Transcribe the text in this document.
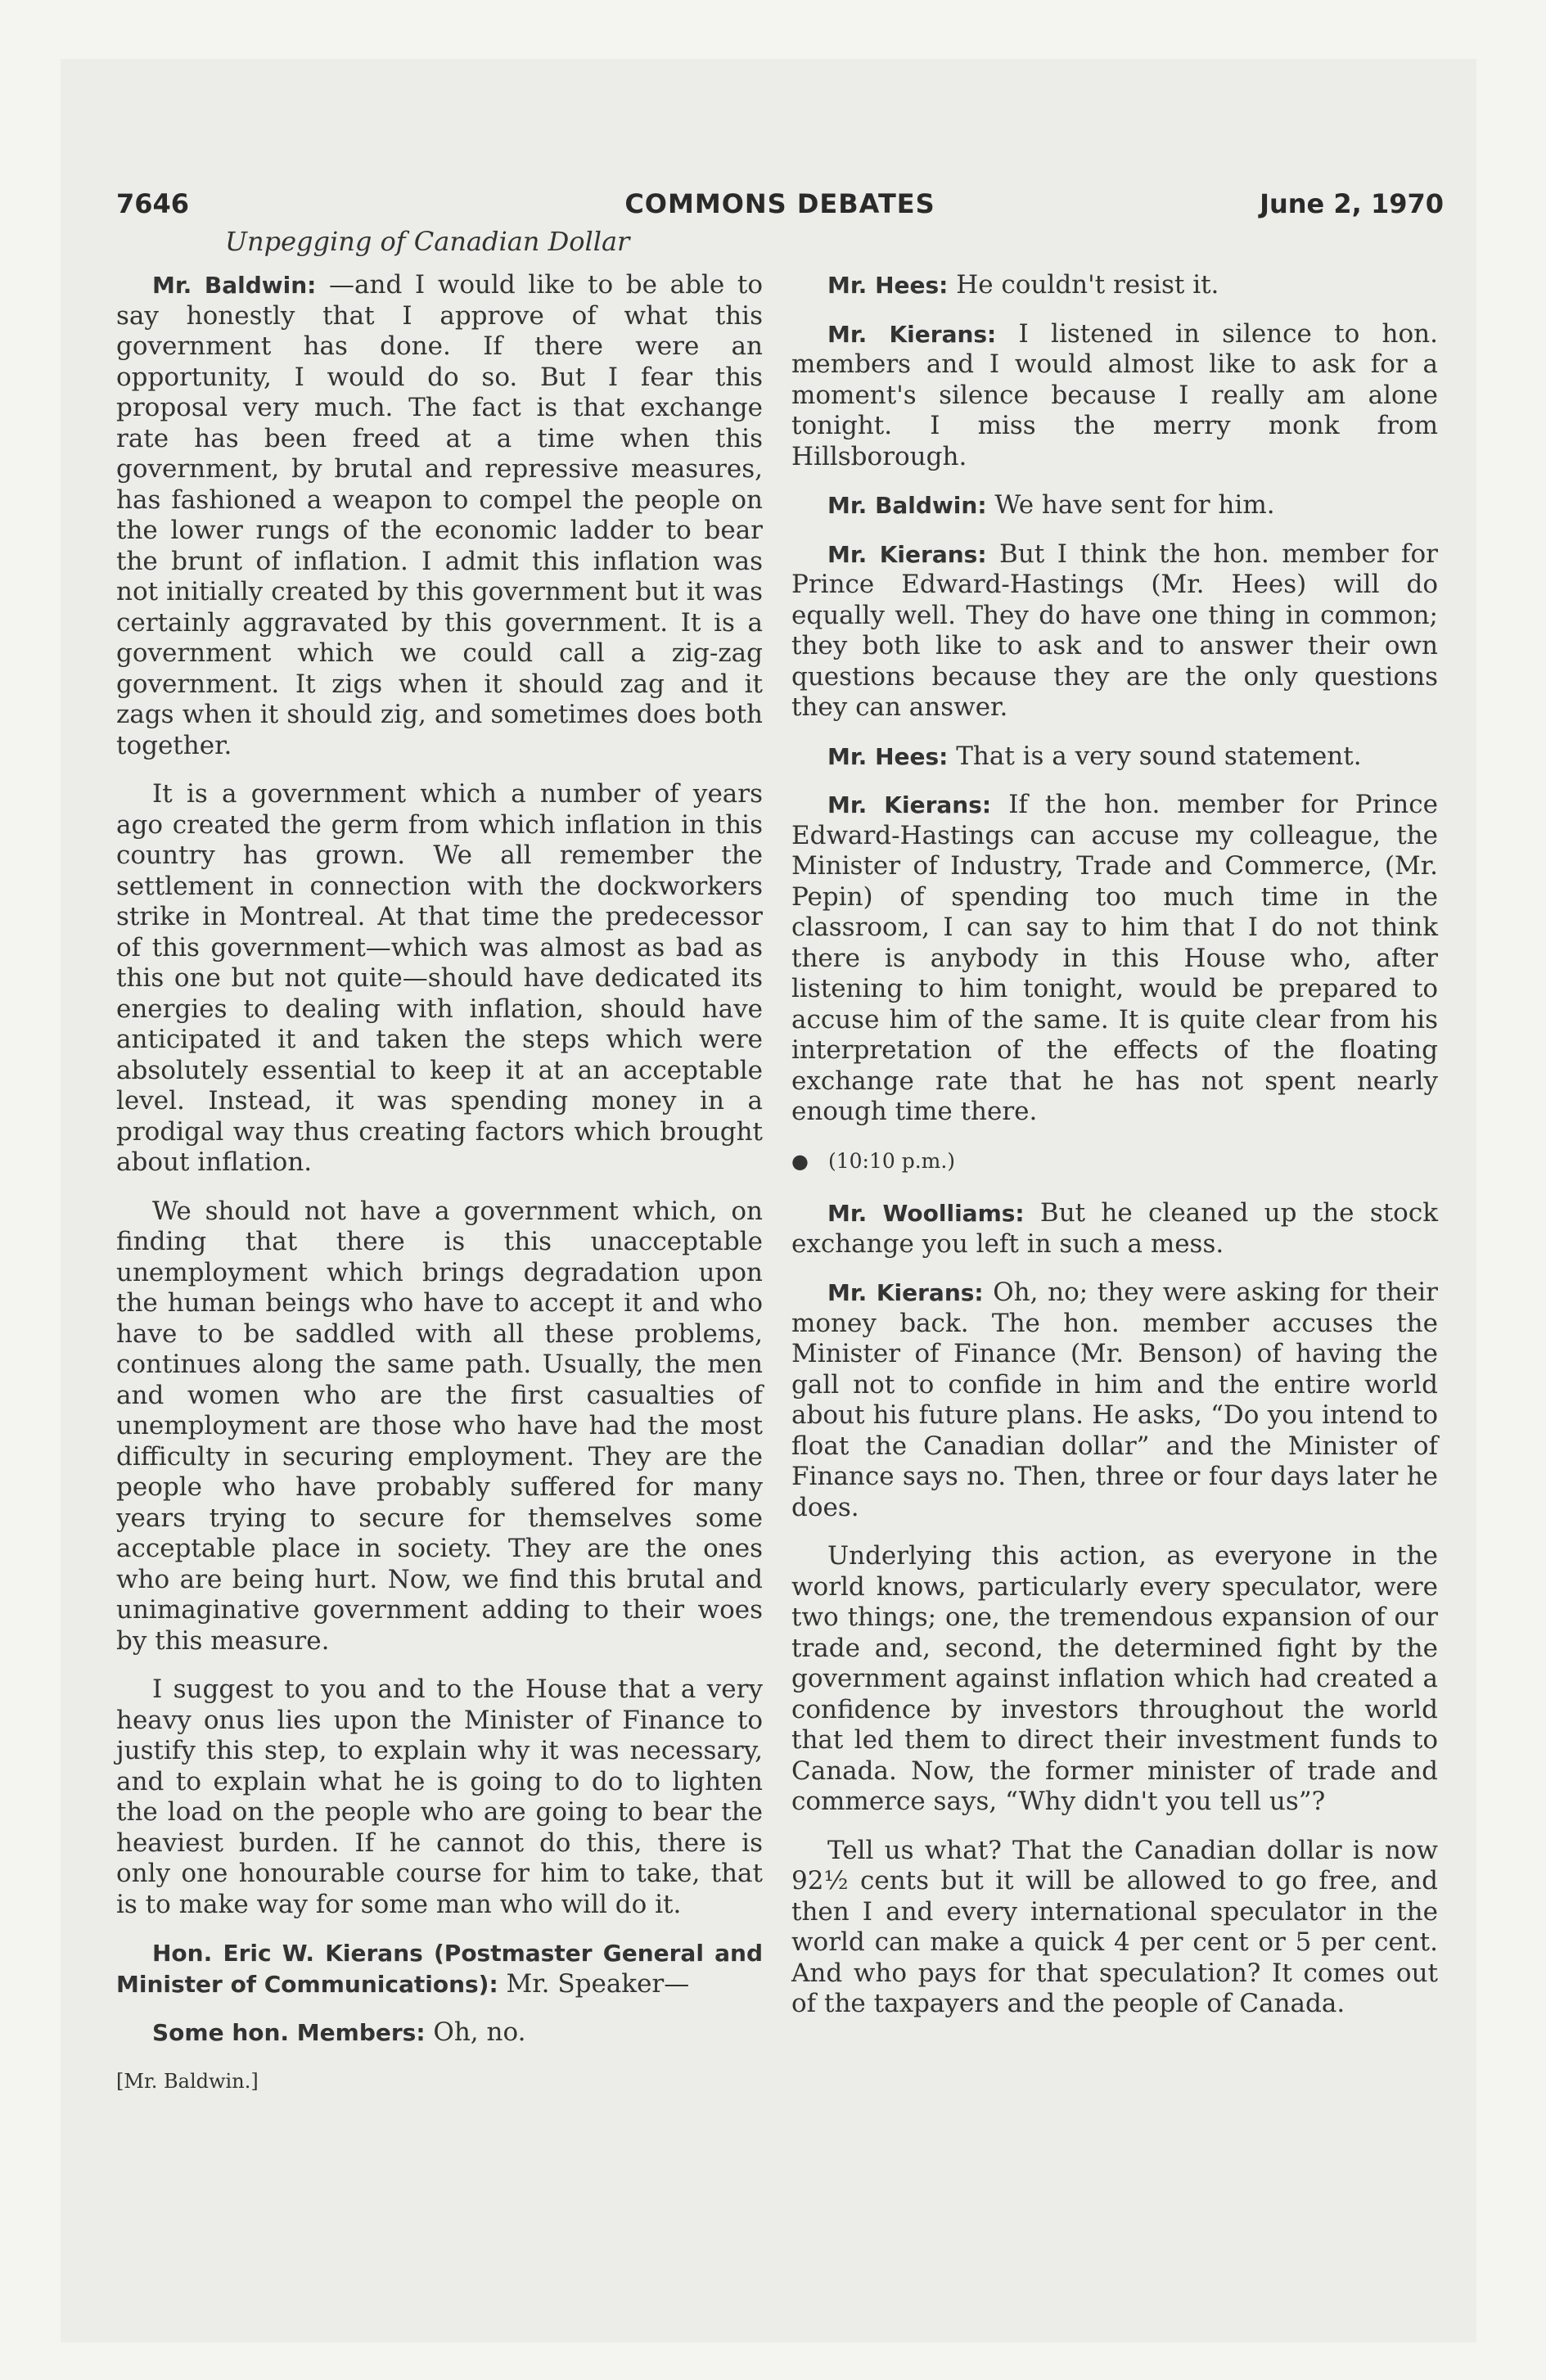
7646	COMMONS DEBATES	June 2, 1970
Unpegging of Canadian Dollar

Mr. Baldwin: —and I would like to be able to say honestly that I approve of what this government has done. If there were an opportunity, I would do so. But I fear this proposal very much. The fact is that exchange rate has been freed at a time when this government, by brutal and repressive measures, has fashioned a weapon to compel the people on the lower rungs of the economic ladder to bear the brunt of inflation. I admit this inflation was not initially created by this government but it was certainly aggravated by this government. It is a government which we could call a zig-zag government. It zigs when it should zag and it zags when it should zig, and sometimes does both together.

It is a government which a number of years ago created the germ from which inflation in this country has grown. We all remember the settlement in connection with the dockworkers strike in Montreal. At that time the predecessor of this government—which was almost as bad as this one but not quite—should have dedicated its energies to dealing with inflation, should have anticipated it and taken the steps which were absolutely essential to keep it at an acceptable level. Instead, it was spending money in a prodigal way thus creating factors which brought about inflation.

We should not have a government which, on finding that there is this unacceptable unemployment which brings degradation upon the human beings who have to accept it and who have to be saddled with all these problems, continues along the same path. Usually, the men and women who are the first casualties of unemployment are those who have had the most difficulty in securing employment. They are the people who have probably suffered for many years trying to secure for themselves some acceptable place in society. They are the ones who are being hurt. Now, we find this brutal and unimaginative government adding to their woes by this measure.

I suggest to you and to the House that a very heavy onus lies upon the Minister of Finance to justify this step, to explain why it was necessary, and to explain what he is going to do to lighten the load on the people who are going to bear the heaviest burden. If he cannot do this, there is only one honourable course for him to take, that is to make way for some man who will do it.

Hon. Eric W. Kierans (Postmaster General and Minister of Communications): Mr. Speaker—

Some hon. Members: Oh, no.

[Mr. Baldwin.]

Mr. Hees: He couldn't resist it.

Mr. Kierans: I listened in silence to hon. members and I would almost like to ask for a moment's silence because I really am alone tonight. I miss the merry monk from Hillsborough.

Mr. Baldwin: We have sent for him.

Mr. Kierans: But I think the hon. member for Prince Edward-Hastings (Mr. Hees) will do equally well. They do have one thing in common; they both like to ask and to answer their own questions because they are the only questions they can answer.

Mr. Hees: That is a very sound statement.

Mr. Kierans: If the hon. member for Prince Edward-Hastings can accuse my colleague, the Minister of Industry, Trade and Commerce, (Mr. Pepin) of spending too much time in the classroom, I can say to him that I do not think there is anybody in this House who, after listening to him tonight, would be prepared to accuse him of the same. It is quite clear from his interpretation of the effects of the floating exchange rate that he has not spent nearly enough time there.

● (10:10 p.m.)

Mr. Woolliams: But he cleaned up the stock exchange you left in such a mess.

Mr. Kierans: Oh, no; they were asking for their money back. The hon. member accuses the Minister of Finance (Mr. Benson) of having the gall not to confide in him and the entire world about his future plans. He asks, “Do you intend to float the Canadian dollar” and the Minister of Finance says no. Then, three or four days later he does.

Underlying this action, as everyone in the world knows, particularly every speculator, were two things; one, the tremendous expansion of our trade and, second, the determined fight by the government against inflation which had created a confidence by investors throughout the world that led them to direct their investment funds to Canada. Now, the former minister of trade and commerce says, “Why didn't you tell us”?

Tell us what? That the Canadian dollar is now 92½ cents but it will be allowed to go free, and then I and every international speculator in the world can make a quick 4 per cent or 5 per cent. And who pays for that speculation? It comes out of the taxpayers and the people of Canada.
